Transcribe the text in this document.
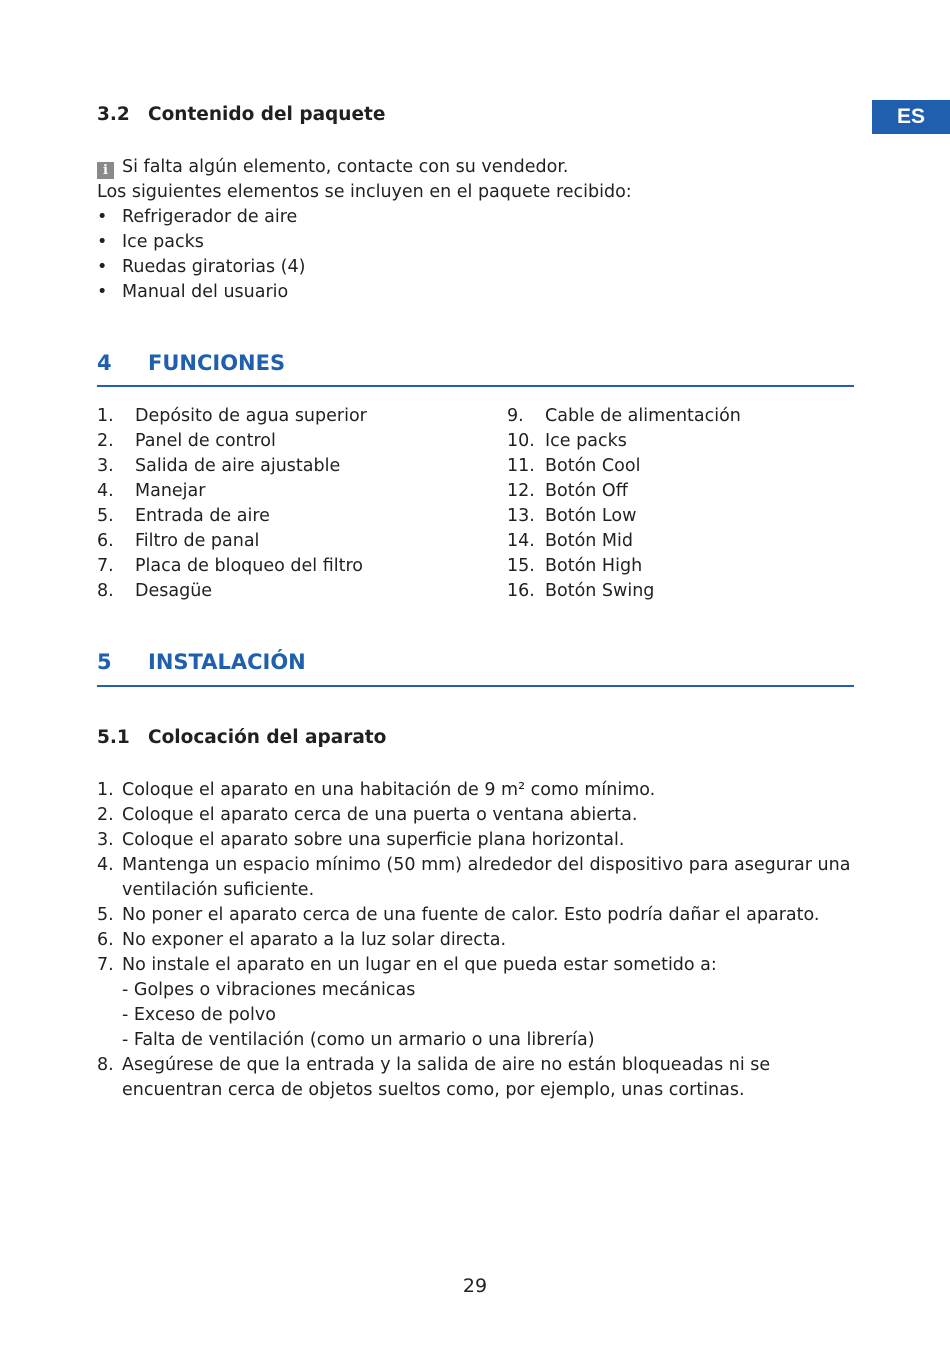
ES
3.2 Contenido del paquete
i Si falta algún elemento, contacte con su vendedor.
Los siguientes elementos se incluyen en el paquete recibido:
• Refrigerador de aire
• Ice packs
• Ruedas giratorias (4)
• Manual del usuario
4 FUNCIONES
1. Depósito de agua superior
2. Panel de control
3. Salida de aire ajustable
4. Manejar
5. Entrada de aire
6. Filtro de panal
7. Placa de bloqueo del filtro
8. Desagüe
9. Cable de alimentación
10. Ice packs
11. Botón Cool
12. Botón Off
13. Botón Low
14. Botón Mid
15. Botón High
16. Botón Swing
5 INSTALACIÓN
5.1 Colocación del aparato
1. Coloque el aparato en una habitación de 9 m² como mínimo.
2. Coloque el aparato cerca de una puerta o ventana abierta.
3. Coloque el aparato sobre una superficie plana horizontal.
4. Mantenga un espacio mínimo (50 mm) alrededor del dispositivo para asegurar una ventilación suficiente.
5. No poner el aparato cerca de una fuente de calor. Esto podría dañar el aparato.
6. No exponer el aparato a la luz solar directa.
7. No instale el aparato en un lugar en el que pueda estar sometido a:
- Golpes o vibraciones mecánicas
- Exceso de polvo
- Falta de ventilación (como un armario o una librería)
8. Asegúrese de que la entrada y la salida de aire no están bloqueadas ni se encuentran cerca de objetos sueltos como, por ejemplo, unas cortinas.
29
